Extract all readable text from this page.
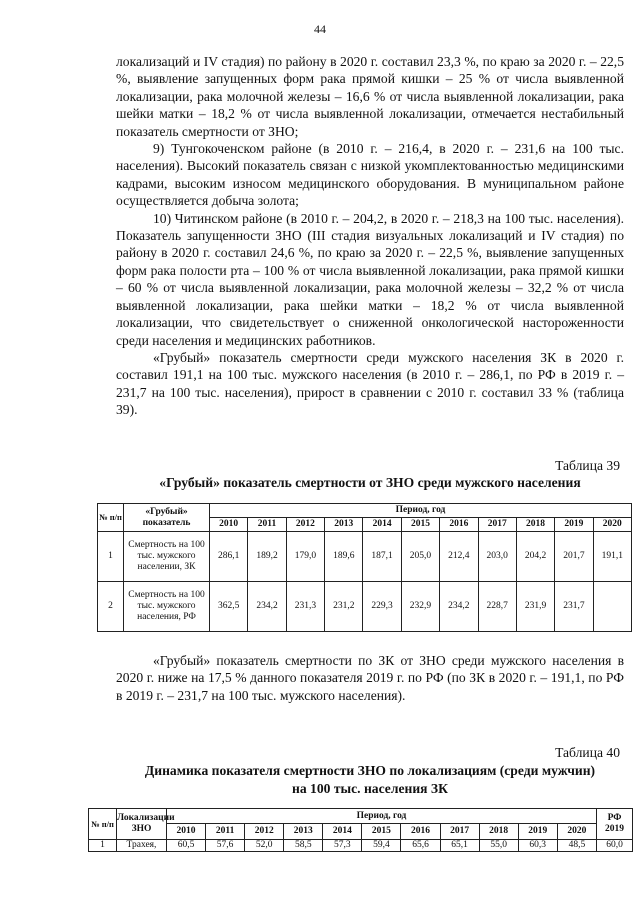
44

локализаций и IV стадия) по району в 2020 г. составил 23,3 %, по краю за 2020 г. – 22,5 %, выявление запущенных форм рака прямой кишки – 25 % от числа выявленной локализации, рака молочной железы – 16,6 % от числа выявленной локализации, рака шейки матки – 18,2 % от числа выявленной локализации, отмечается нестабильный показатель смертности от ЗНО;

9) Тунгокоченском районе (в 2010 г. – 216,4, в 2020 г. – 231,6 на 100 тыс. населения). Высокий показатель связан с низкой укомплектованностью медицинскими кадрами, высоким износом медицинского оборудования. В муниципальном районе осуществляется добыча золота;

10) Читинском районе (в 2010 г. – 204,2, в 2020 г. – 218,3 на 100 тыс. населения). Показатель запущенности ЗНО (III стадия визуальных локализаций и IV стадия) по району в 2020 г. составил 24,6 %, по краю за 2020 г. – 22,5 %, выявление запущенных форм рака полости рта – 100 % от числа выявленной локализации, рака прямой кишки – 60 % от числа выявленной локализации, рака молочной железы – 32,2 % от числа выявленной локализации, рака шейки матки – 18,2 % от числа выявленной локализации, что свидетельствует о сниженной онкологической настороженности среди населения и медицинских работников.

«Грубый» показатель смертности среди мужского населения ЗК в 2020 г. составил 191,1 на 100 тыс. мужского населения (в 2010 г. – 286,1, по РФ в 2019 г. – 231,7 на 100 тыс. населения), прирост в сравнении с 2010 г. составил 33 % (таблица 39).

Таблица 39
«Грубый» показатель смертности от ЗНО среди мужского населения
№ п/п	«Грубый» показатель	Период, год										
		2010	2011	2012	2013	2014	2015	2016	2017	2018	2019	2020
1	Смертность на 100 тыс. мужского населении, ЗК	286,1	189,2	179,0	189,6	187,1	205,0	212,4	203,0	204,2	201,7	191,1
2	Смертность на 100 тыс. мужского населения, РФ	362,5	234,2	231,3	231,2	229,3	232,9	234,2	228,7	231,9	231,7	

«Грубый» показатель смертности по ЗК от ЗНО среди мужского населения в 2020 г. ниже на 17,5 % данного показателя 2019 г. по РФ (по ЗК в 2020 г. – 191,1, по РФ в 2019 г. – 231,7 на 100 тыс. мужского населения).

Таблица 40
Динамика показателя смертности ЗНО по локализациям (среди мужчин)
на 100 тыс. населения ЗК
№ п/п	Локализации ЗНО	Период, год											РФ 2019
		2010	2011	2012	2013	2014	2015	2016	2017	2018	2019	2020	
1	Трахея,	60,5	57,6	52,0	58,5	57,3	59,4	65,6	65,1	55,0	60,3	48,5	60,0
